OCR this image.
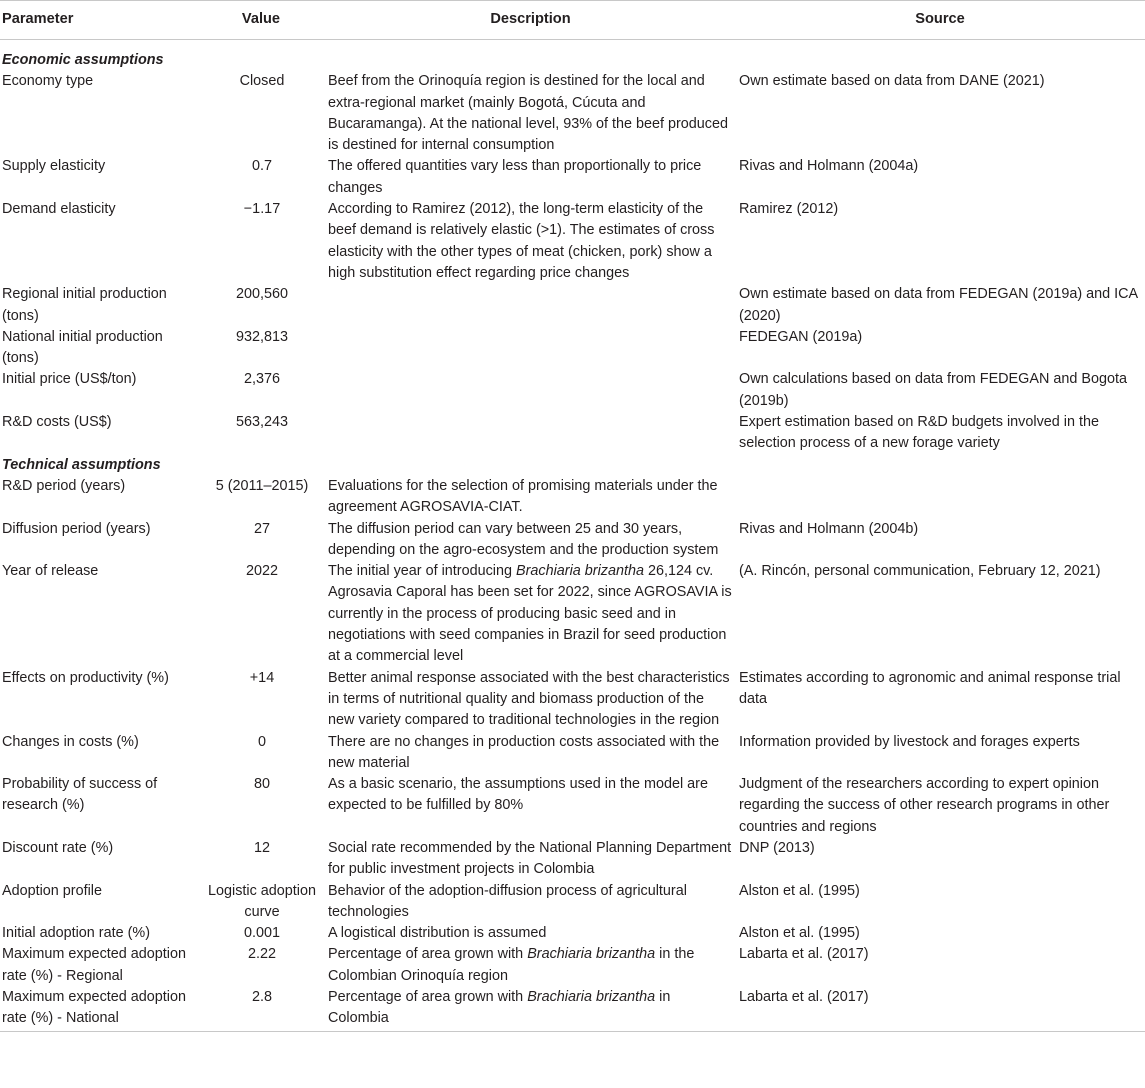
Parameter	Value	Description	Source
Economic assumptions			
Economy type	Closed	Beef from the Orinoquía region is destined for the local and extra-regional market (mainly Bogotá, Cúcuta and Bucaramanga). At the national level, 93% of the beef produced is destined for internal consumption	Own estimate based on data from DANE (2021)
Supply elasticity	0.7	The offered quantities vary less than proportionally to price changes	Rivas and Holmann (2004a)
Demand elasticity	−1.17	According to Ramirez (2012), the long-term elasticity of the beef demand is relatively elastic (>1). The estimates of cross elasticity with the other types of meat (chicken, pork) show a high substitution effect regarding price changes	Ramirez (2012)
Regional initial production (tons)	200,560		Own estimate based on data from FEDEGAN (2019a) and ICA (2020)
National initial production (tons)	932,813		FEDEGAN (2019a)
Initial price (US$/ton)	2,376		Own calculations based on data from FEDEGAN and Bogota (2019b)
R&D costs (US$)	563,243		Expert estimation based on R&D budgets involved in the selection process of a new forage variety
Technical assumptions			
R&D period (years)	5 (2011–2015)	Evaluations for the selection of promising materials under the agreement AGROSAVIA-CIAT.	
Diffusion period (years)	27	The diffusion period can vary between 25 and 30 years, depending on the agro-ecosystem and the production system	Rivas and Holmann (2004b)
Year of release	2022	The initial year of introducing Brachiaria brizantha 26,124 cv. Agrosavia Caporal has been set for 2022, since AGROSAVIA is currently in the process of producing basic seed and in negotiations with seed companies in Brazil for seed production at a commercial level	(A. Rincón, personal communication, February 12, 2021)
Effects on productivity (%)	+14	Better animal response associated with the best characteristics in terms of nutritional quality and biomass production of the new variety compared to traditional technologies in the region	Estimates according to agronomic and animal response trial data
Changes in costs (%)	0	There are no changes in production costs associated with the new material	Information provided by livestock and forages experts
Probability of success of research (%)	80	As a basic scenario, the assumptions used in the model are expected to be fulfilled by 80%	Judgment of the researchers according to expert opinion regarding the success of other research programs in other countries and regions
Discount rate (%)	12	Social rate recommended by the National Planning Department for public investment projects in Colombia	DNP (2013)
Adoption profile	Logistic adoption curve	Behavior of the adoption-diffusion process of agricultural technologies	Alston et al. (1995)
Initial adoption rate (%)	0.001	A logistical distribution is assumed	Alston et al. (1995)
Maximum expected adoption rate (%) - Regional	2.22	Percentage of area grown with Brachiaria brizantha in the Colombian Orinoquía region	Labarta et al. (2017)
Maximum expected adoption rate (%) - National	2.8	Percentage of area grown with Brachiaria brizantha in Colombia	Labarta et al. (2017)
